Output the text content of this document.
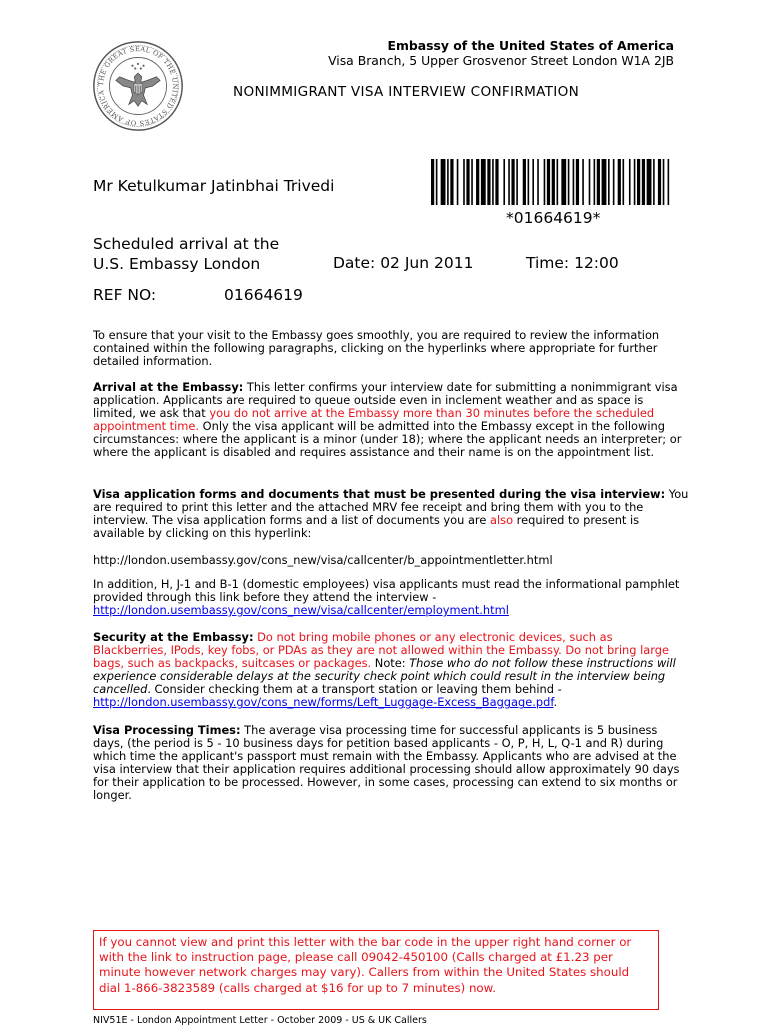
THE GREAT SEAL OF THE UNITED STATES OF AMERICA
Embassy of the United States of America
Visa Branch, 5 Upper Grosvenor Street London W1A 2JB
NONIMMIGRANT VISA INTERVIEW CONFIRMATION
*01664619*
Mr Ketulkumar Jatinbhai Trivedi
Scheduled arrival at the
U.S. Embassy London	Date: 02 Jun 2011	Time: 12:00
REF NO:	01664619

To ensure that your visit to the Embassy goes smoothly, you are required to review the information contained within the following paragraphs, clicking on the hyperlinks where appropriate for further detailed information.

Arrival at the Embassy: This letter confirms your interview date for submitting a nonimmigrant visa application. Applicants are required to queue outside even in inclement weather and as space is limited, we ask that you do not arrive at the Embassy more than 30 minutes before the scheduled appointment time. Only the visa applicant will be admitted into the Embassy except in the following circumstances: where the applicant is a minor (under 18); where the applicant needs an interpreter; or where the applicant is disabled and requires assistance and their name is on the appointment list.

Visa application forms and documents that must be presented during the visa interview: You are required to print this letter and the attached MRV fee receipt and bring them with you to the interview. The visa application forms and a list of documents you are also required to present is available by clicking on this hyperlink:

http://london.usembassy.gov/cons_new/visa/callcenter/b_appointmentletter.html

In addition, H, J-1 and B-1 (domestic employees) visa applicants must read the informational pamphlet provided through this link before they attend the interview - http://london.usembassy.gov/cons_new/visa/callcenter/employment.html

Security at the Embassy: Do not bring mobile phones or any electronic devices, such as Blackberries, IPods, key fobs, or PDAs as they are not allowed within the Embassy. Do not bring large bags, such as backpacks, suitcases or packages. Note: Those who do not follow these instructions will experience considerable delays at the security check point which could result in the interview being cancelled. Consider checking them at a transport station or leaving them behind - http://london.usembassy.gov/cons_new/forms/Left_Luggage-Excess_Baggage.pdf.

Visa Processing Times: The average visa processing time for successful applicants is 5 business days, (the period is 5 - 10 business days for petition based applicants - O, P, H, L, Q-1 and R) during which time the applicant's passport must remain with the Embassy. Applicants who are advised at the visa interview that their application requires additional processing should allow approximately 90 days for their application to be processed. However, in some cases, processing can extend to six months or longer.

If you cannot view and print this letter with the bar code in the upper right hand corner or with the link to instruction page, please call 09042-450100 (Calls charged at £1.23 per minute however network charges may vary). Callers from within the United States should dial 1-866-3823589 (calls charged at $16 for up to 7 minutes) now.
NIV51E - London Appointment Letter - October 2009 - US & UK Callers
